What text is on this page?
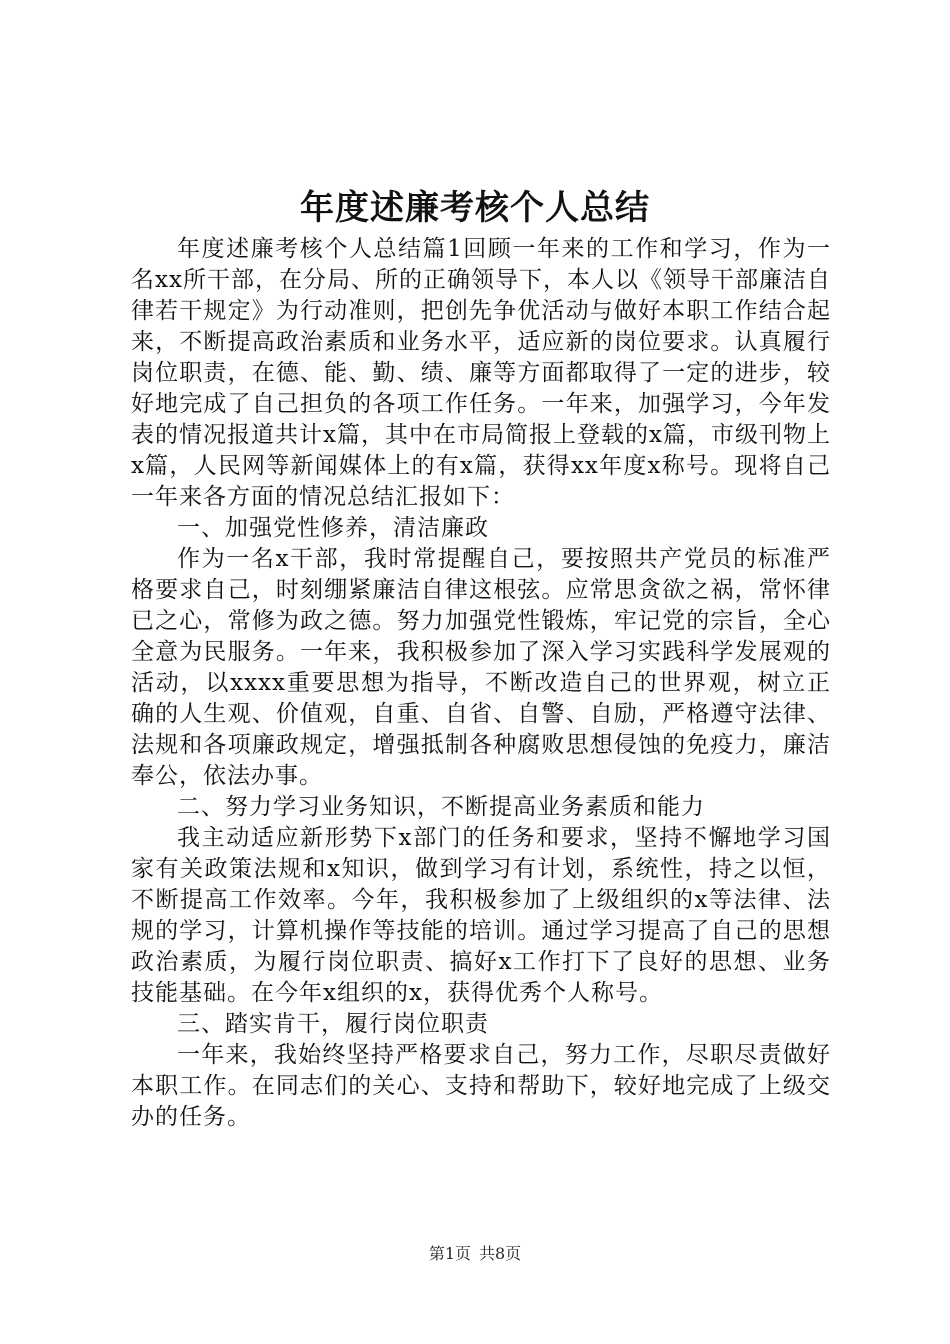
年度述廉考核个人总结

年度述廉考核个人总结篇1回顾一年来的工作和学习，作为一名xx所干部，在分局、所的正确领导下，本人以《领导干部廉洁自律若干规定》为行动准则，把创先争优活动与做好本职工作结合起来，不断提高政治素质和业务水平，适应新的岗位要求。认真履行岗位职责，在德、能、勤、绩、廉等方面都取得了一定的进步，较好地完成了自己担负的各项工作任务。一年来，加强学习，今年发表的情况报道共计x篇，其中在市局简报上登载的x篇，市级刊物上x篇，人民网等新闻媒体上的有x篇，获得xx年度x称号。现将自己一年来各方面的情况总结汇报如下：

一、加强党性修养，清洁廉政

作为一名x干部，我时常提醒自己，要按照共产党员的标准严格要求自己，时刻绷紧廉洁自律这根弦。应常思贪欲之祸，常怀律已之心，常修为政之德。努力加强党性锻炼，牢记党的宗旨，全心全意为民服务。一年来，我积极参加了深入学习实践科学发展观的活动，以xxxx重要思想为指导，不断改造自己的世界观，树立正确的人生观、价值观，自重、自省、自警、自励，严格遵守法律、法规和各项廉政规定，增强抵制各种腐败思想侵蚀的免疫力，廉洁奉公，依法办事。

二、努力学习业务知识，不断提高业务素质和能力

我主动适应新形势下x部门的任务和要求，坚持不懈地学习国家有关政策法规和x知识，做到学习有计划，系统性，持之以恒，不断提高工作效率。今年，我积极参加了上级组织的x等法律、法规的学习，计算机操作等技能的培训。通过学习提高了自己的思想政治素质，为履行岗位职责、搞好x工作打下了良好的思想、业务技能基础。在今年x组织的x，获得优秀个人称号。

三、踏实肯干，履行岗位职责

一年来，我始终坚持严格要求自己，努力工作，尽职尽责做好本职工作。在同志们的关心、支持和帮助下，较好地完成了上级交办的任务。

第1页 共8页
